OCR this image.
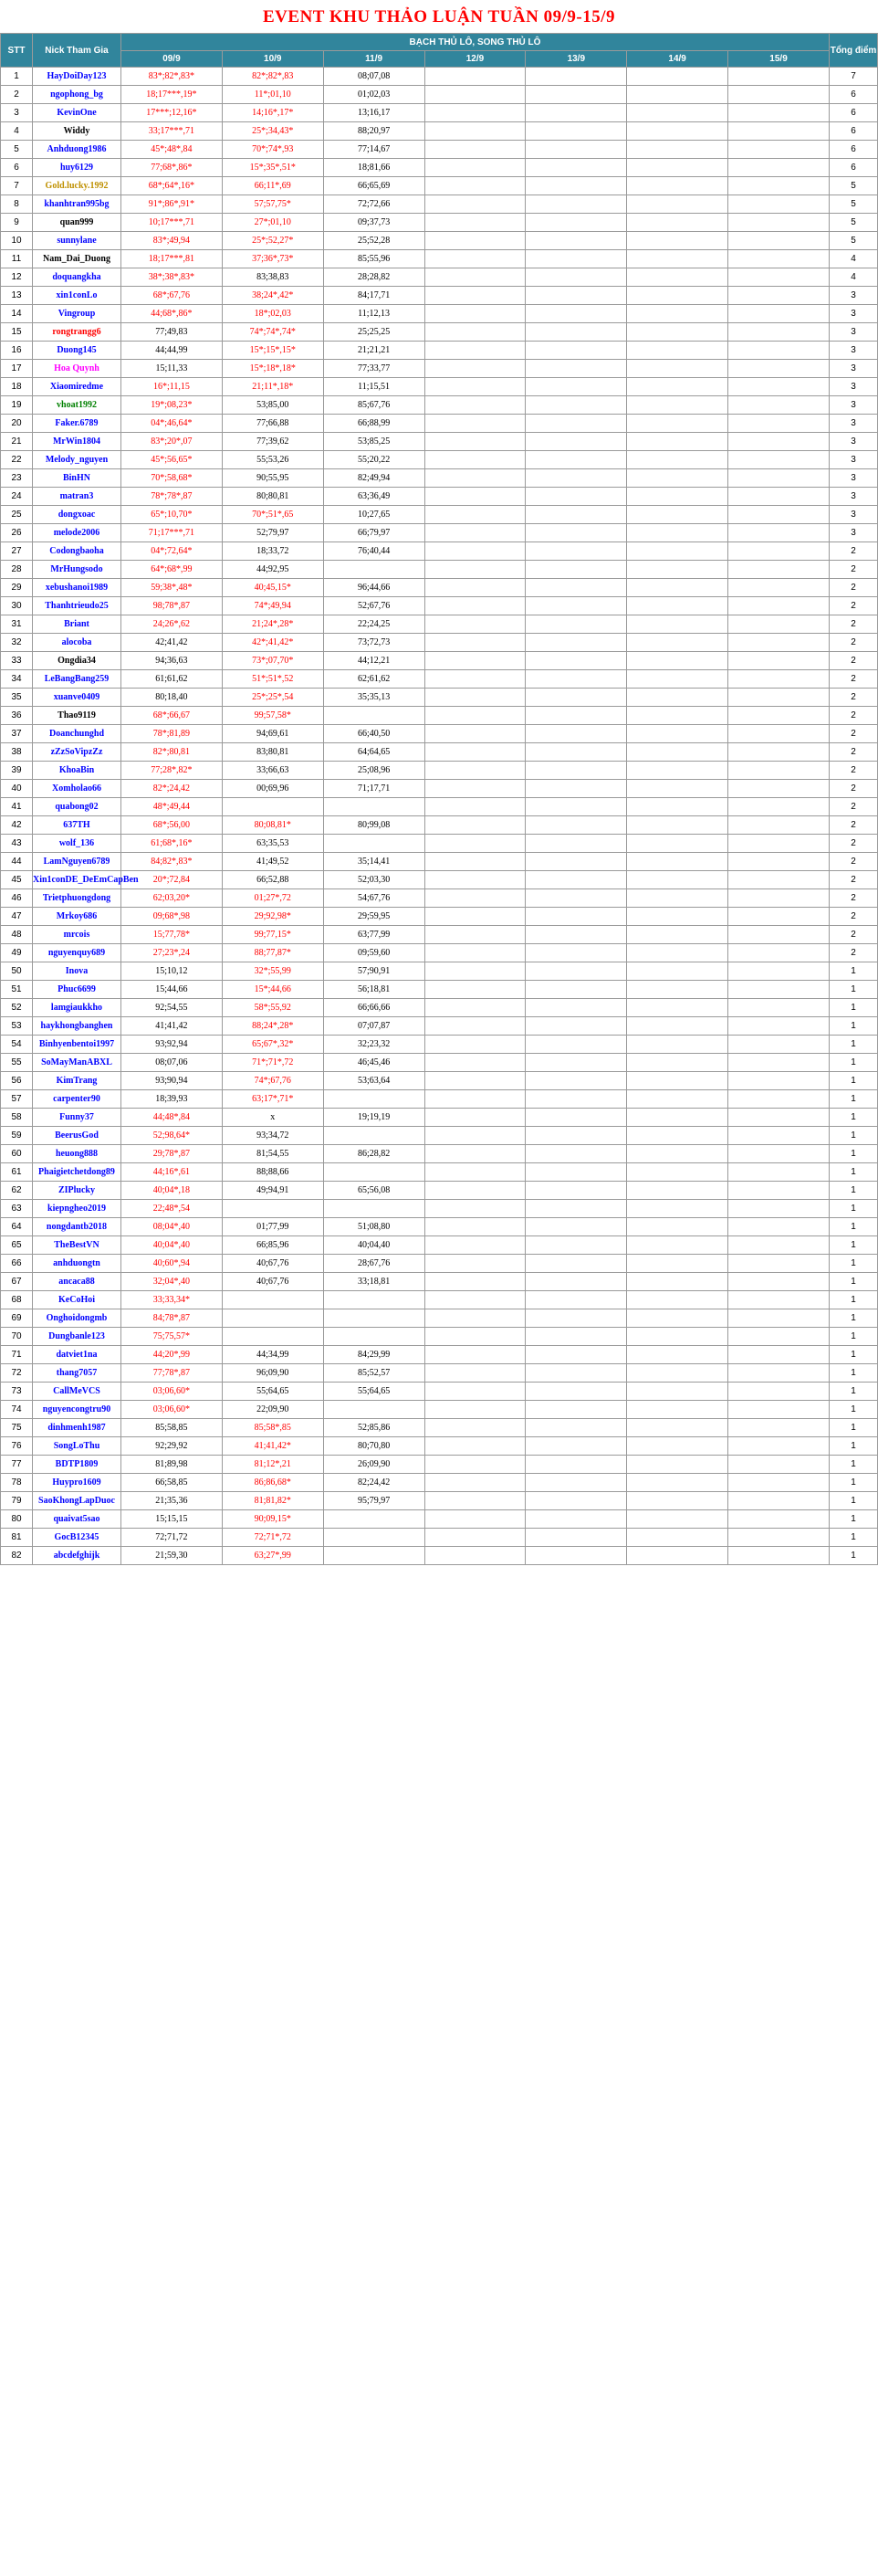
EVENT KHU THẢO LUẬN TUẦN 09/9-15/9
STT	Nick Tham Gia	BẠCH THỦ LÔ, SONG THỦ LÔ							Tổng điểm
		09/9	10/9	11/9	12/9	13/9	14/9	15/9	
1	HayDoiDay123	83*;82*,83*	82*;82*,83	08;07,08					7
2	ngophong_bg	18;17***,19*	11*;01,10	01;02,03					6
3	KevinOne	17***;12,16*	14;16*,17*	13;16,17					6
4	Widdy	33;17***,71	25*;34,43*	88;20,97					6
5	Anhduong1986	45*;48*,84	70*;74*,93	77;14,67					6
6	huy6129	77;68*,86*	15*;35*,51*	18;81,66					6
7	Gold.lucky.1992	68*;64*,16*	66;11*,69	66;65,69					5
8	khanhtran995bg	91*;86*,91*	57;57,75*	72;72,66					5
9	quan999	10;17***,71	27*;01,10	09;37,73					5
10	sunnylane	83*;49,94	25*;52,27*	25;52,28					5
11	Nam_Dai_Duong	18;17***,81	37;36*,73*	85;55,96					4
12	doquangkha	38*;38*,83*	83;38,83	28;28,82					4
13	xin1conLo	68*;67,76	38;24*,42*	84;17,71					3
14	Vingroup	44;68*,86*	18*;02,03	11;12,13					3
15	rongtrangg6	77;49,83	74*;74*,74*	25;25,25					3
16	Duong145	44;44,99	15*;15*,15*	21;21,21					3
17	Hoa Quynh	15;11,33	15*;18*,18*	77;33,77					3
18	Xiaomiredme	16*;11,15	21;11*,18*	11;15,51					3
19	vhoat1992	19*;08,23*	53;85,00	85;67,76					3
20	Faker.6789	04*;46,64*	77;66,88	66;88,99					3
21	MrWin1804	83*;20*,07	77;39,62	53;85,25					3
22	Melody_nguyen	45*;56,65*	55;53,26	55;20,22					3
23	BinHN	70*;58,68*	90;55,95	82;49,94					3
24	matran3	78*;78*,87	80;80,81	63;36,49					3
25	dongxoac	65*;10,70*	70*;51*,65	10;27,65					3
26	melode2006	71;17***,71	52;79,97	66;79,97					3
27	Codongbaoha	04*;72,64*	18;33,72	76;40,44					2
28	MrHungsodo	64*;68*,99	44;92,95						2
29	xebushanoi1989	59;38*,48*	40;45,15*	96;44,66					2
30	Thanhtrieudo25	98;78*,87	74*;49,94	52;67,76					2
31	Briant	24;26*,62	21;24*,28*	22;24,25					2
32	alocoba	42;41,42	42*;41,42*	73;72,73					2
33	Ongdia34	94;36,63	73*;07,70*	44;12,21					2
34	LeBangBang259	61;61,62	51*;51*,52	62;61,62					2
35	xuanve0409	80;18,40	25*;25*,54	35;35,13					2
36	Thao9119	68*;66,67	99;57,58*						2
37	Doanchunghd	78*;81,89	94;69,61	66;40,50					2
38	zZzSoVipzZz	82*;80,81	83;80,81	64;64,65					2
39	KhoaBin	77;28*,82*	33;66,63	25;08,96					2
40	Xomholao66	82*;24,42	00;69,96	71;17,71					2
41	quabong02	48*;49,44							2
42	637TH	68*;56,00	80;08,81*	80;99,08					2
43	wolf_136	61;68*,16*	63;35,53						2
44	LamNguyen6789	84;82*,83*	41;49,52	35;14,41					2
45	Xin1conDE_DeEmCapBen	20*;72,84	66;52,88	52;03,30					2
46	Trietphuongdong	62;03,20*	01;27*,72	54;67,76					2
47	Mrkoy686	09;68*,98	29;92,98*	29;59,95					2
48	mrcois	15;77,78*	99;77,15*	63;77,99					2
49	nguyenquy689	27;23*,24	88;77,87*	09;59,60					2
50	Inova	15;10,12	32*;55,99	57;90,91					1
51	Phuc6699	15;44,66	15*;44,66	56;18,81					1
52	lamgiaukkho	92;54,55	58*;55,92	66;66,66					1
53	haykhongbanghen	41;41,42	88;24*,28*	07;07,87					1
54	Binhyenbentoi1997	93;92,94	65;67*,32*	32;23,32					1
55	SoMayManABXL	08;07,06	71*;71*,72	46;45,46					1
56	KimTrang	93;90,94	74*;67,76	53;63,64					1
57	carpenter90	18;39,93	63;17*,71*						1
58	Funny37	44;48*,84	x	19;19,19					1
59	BeerusGod	52;98,64*	93;34,72						1
60	heuong888	29;78*,87	81;54,55	86;28,82					1
61	Phaigietchetdong89	44;16*,61	88;88,66						1
62	ZIPlucky	40;04*,18	49;94,91	65;56,08					1
63	kiepngheo2019	22;48*,54							1
64	nongdantb2018	08;04*,40	01;77,99	51;08,80					1
65	TheBestVN	40;04*,40	66;85,96	40;04,40					1
66	anhduongtn	40;60*,94	40;67,76	28;67,76					1
67	ancaca88	32;04*,40	40;67,76	33;18,81					1
68	KeCoHoi	33;33,34*							1
69	Onghoidongmb	84;78*,87							1
70	Dungbanle123	75;75,57*							1
71	datviet1na	44;20*,99	44;34,99	84;29,99					1
72	thang7057	77;78*,87	96;09,90	85;52,57					1
73	CallMeVCS	03;06,60*	55;64,65	55;64,65					1
74	nguyencongtru90	03;06,60*	22;09,90						1
75	dinhmenh1987	85;58,85	85;58*,85	52;85,86					1
76	SongLoThu	92;29,92	41;41,42*	80;70,80					1
77	BDTP1809	81;89,98	81;12*,21	26;09,90					1
78	Huypro1609	66;58,85	86;86,68*	82;24,42					1
79	SaoKhongLapDuoc	21;35,36	81;81,82*	95;79,97					1
80	quaivat5sao	15;15,15	90;09,15*						1
81	GocB12345	72;71,72	72;71*,72						1
82	abcdefghijk	21;59,30	63;27*,99						1
